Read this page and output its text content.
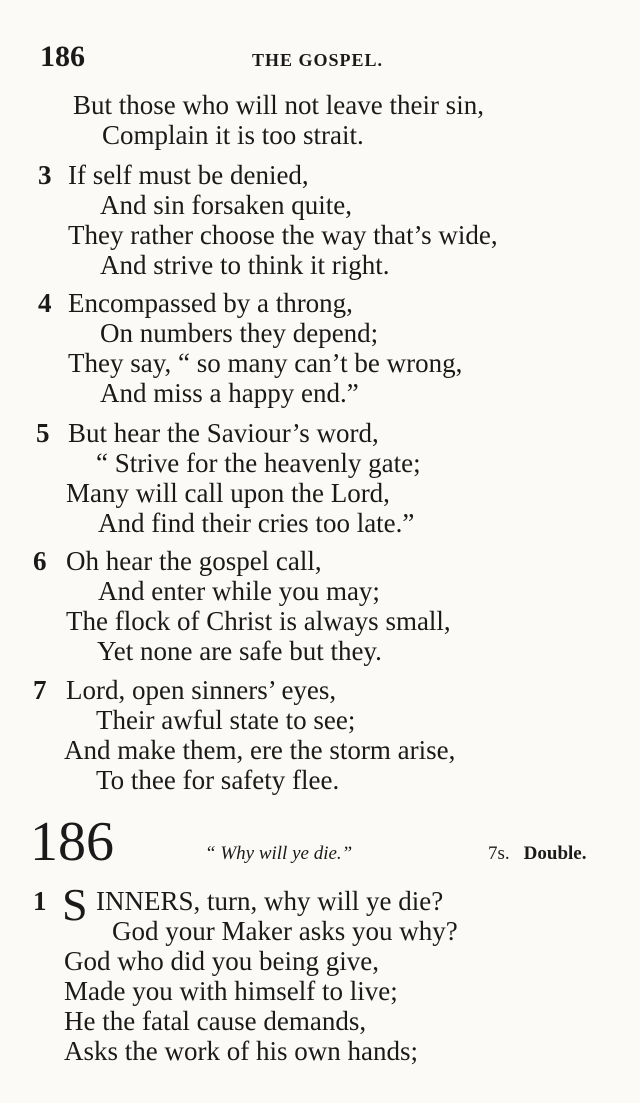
186	THE GOSPEL.
But those who will not leave their sin,
Complain it is too strait.
3 If self must be denied,
And sin forsaken quite,
They rather choose the way that’s wide,
And strive to think it right.
4 Encompassed by a throng,
On numbers they depend;
They say, “ so many can’t be wrong,
And miss a happy end.”
5 But hear the Saviour’s word,
“ Strive for the heavenly gate;
Many will call upon the Lord,
And find their cries too late.”
6 Oh hear the gospel call,
And enter while you may;
The flock of Christ is always small,
Yet none are safe but they.
7 Lord, open sinners’ eyes,
Their awful state to see;
And make them, ere the storm arise,
To thee for safety flee.
186	“ Why will ye die.”	7s. Double.
1 S INNERS, turn, why will ye die?
God your Maker asks you why?
God who did you being give,
Made you with himself to live;
He the fatal cause demands,
Asks the work of his own hands;
